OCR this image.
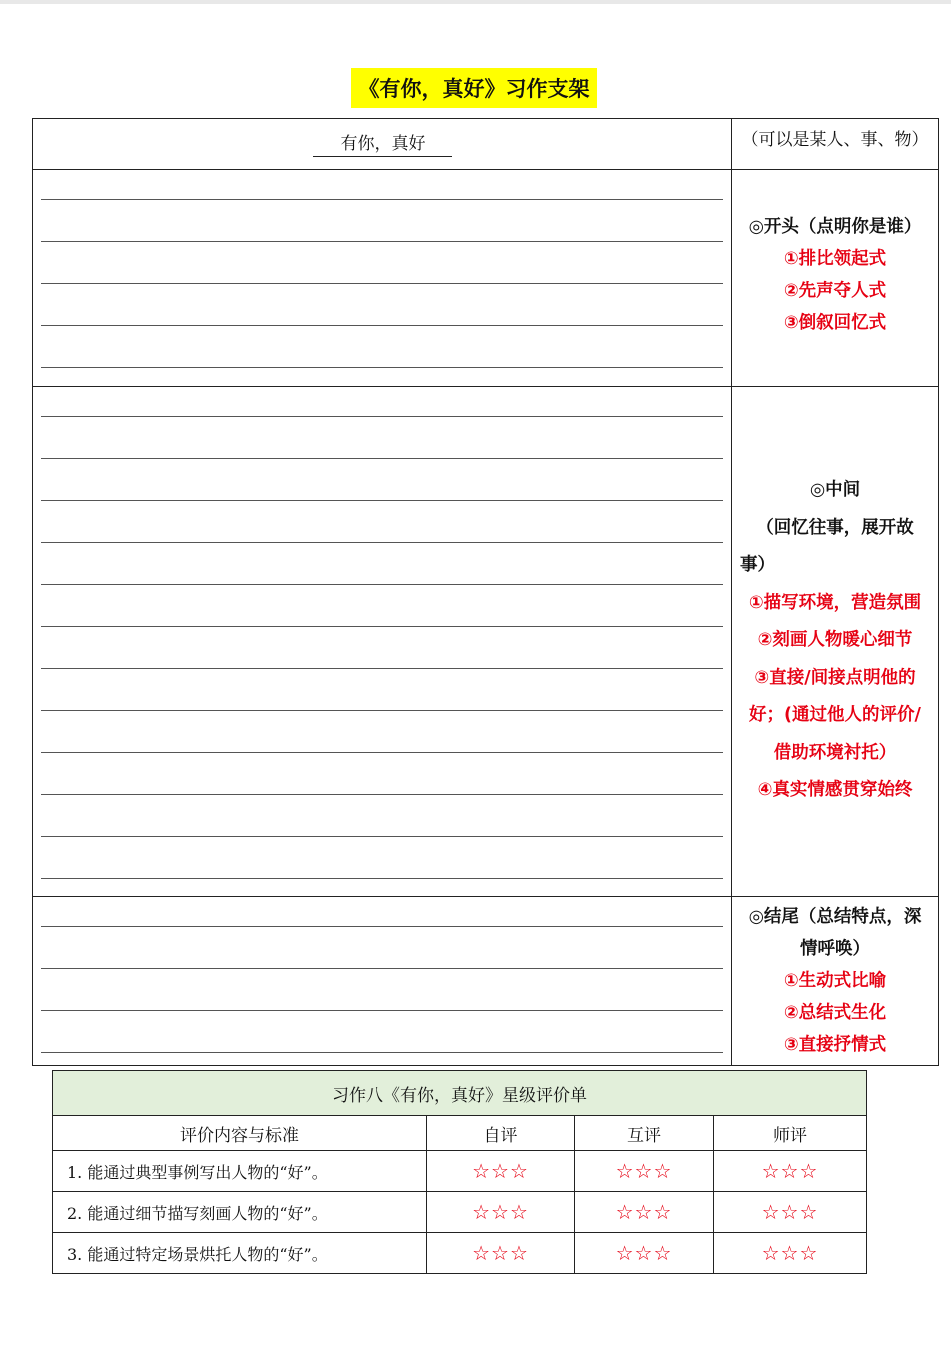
《有你，真好》习作支架
有你，真好	（可以是某人、事、物）
◎开头（点明你是谁）
①排比领起式
②先声夺人式
③倒叙回忆式
◎中间
（回忆往事，展开故
事）
①描写环境，营造氛围
②刻画人物暖心细节
③直接/间接点明他的
好；(通过他人的评价/
借助环境衬托）
④真实情感贯穿始终
◎结尾（总结特点，深
情呼唤）
①生动式比喻
②总结式生化
③直接抒情式
习作八《有你，真好》星级评价单			
评价内容与标准	自评	互评	师评
1. 能通过典型事例写出人物的“好”。	☆☆☆	☆☆☆	☆☆☆
2. 能通过细节描写刻画人物的“好”。	☆☆☆	☆☆☆	☆☆☆
3. 能通过特定场景烘托人物的“好”。	☆☆☆	☆☆☆	☆☆☆
